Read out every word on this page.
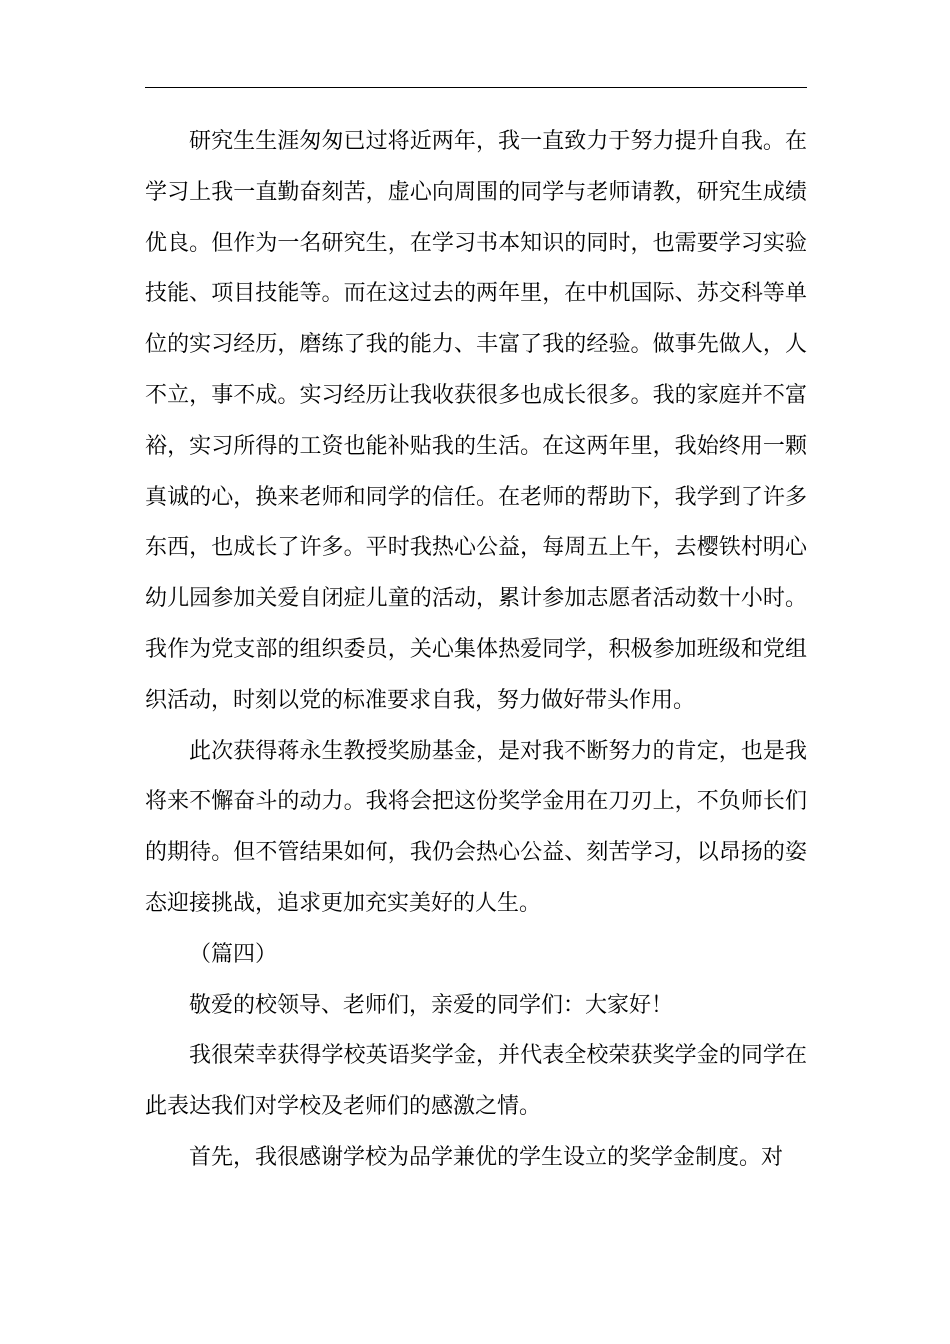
研究生生涯匆匆已过将近两年，我一直致力于努力提升自我。在学习上我一直勤奋刻苦，虚心向周围的同学与老师请教，研究生成绩优良。但作为一名研究生，在学习书本知识的同时，也需要学习实验技能、项目技能等。而在这过去的两年里，在中机国际、苏交科等单位的实习经历，磨练了我的能力、丰富了我的经验。做事先做人，人不立，事不成。实习经历让我收获很多也成长很多。我的家庭并不富裕，实习所得的工资也能补贴我的生活。在这两年里，我始终用一颗真诚的心，换来老师和同学的信任。在老师的帮助下，我学到了许多东西，也成长了许多。平时我热心公益，每周五上午，去樱铁村明心幼儿园参加关爱自闭症儿童的活动，累计参加志愿者活动数十小时。我作为党支部的组织委员，关心集体热爱同学，积极参加班级和党组织活动，时刻以党的标准要求自我，努力做好带头作用。

此次获得蒋永生教授奖励基金，是对我不断努力的肯定，也是我将来不懈奋斗的动力。我将会把这份奖学金用在刀刃上，不负师长们的期待。但不管结果如何，我仍会热心公益、刻苦学习，以昂扬的姿态迎接挑战，追求更加充实美好的人生。

（篇四）

敬爱的校领导、老师们，亲爱的同学们：大家好！

我很荣幸获得学校英语奖学金，并代表全校荣获奖学金的同学在此表达我们对学校及老师们的感激之情。

首先，我很感谢学校为品学兼优的学生设立的奖学金制度。对
